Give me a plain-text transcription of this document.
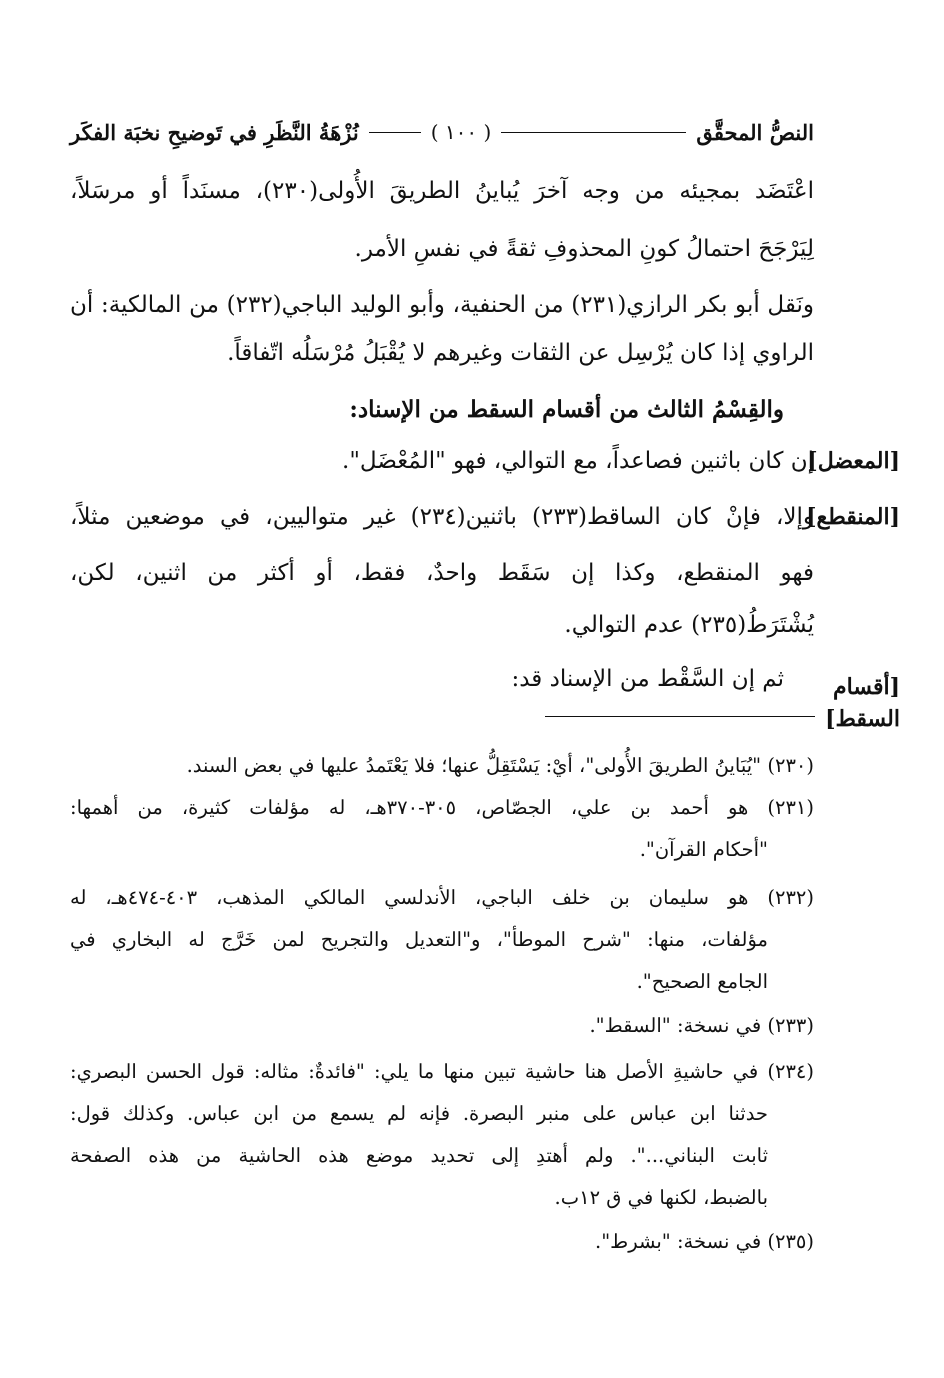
النصُّ المحقَّق
( ١٠٠ )
نُزْهَةُ النَّظَرِ في تَوضيحِ نخبَة الفكَر
اعْتَضَد بمجيئه من وجه آخرَ يُباينُ الطريقَ الأُولى(٢٣٠)، مسنَداً أو مرسَلاً،
لِيَرْجَحَ احتمالُ كونِ المحذوفِ ثقةً في نفسِ الأمر.
ونَقل أبو بكر الرازي(٢٣١) من الحنفية، وأبو الوليد الباجي(٢٣٢) من المالكية: أن
الراوي إذا كان يُرْسِل عن الثقات وغيرهم لا يُقْبَلُ مُرْسَلُه اتّفاقاً.
والقِسْمُ الثالث من أقسام السقط من الإسناد:
إن كان باثنين فصاعداً، مع التوالي، فهو "المُعْضَل".
وإلا، فإنْ كان الساقط(٢٣٣) باثنين(٢٣٤) غير متواليين، في موضعين مثلاً،
فهو المنقطع، وكذا إن سَقَط واحدٌ، فقط، أو أكثر من اثنين، لكن،
يُشْتَرَطُ(٢٣٥) عدم التوالي.
ثم إن السَّقْط من الإسناد قد:
[المعضل]
[المنقطع]
[أقسام
السقط]
(٢٣٠) "يُبَاينُ الطريقَ الأُولى"، أيْ: يَسْتَقِلُّ عنها؛ فلا يَعْتَمدُ عليها في بعض السند.
(٢٣١) هو أحمد بن علي، الجصّاص، ٣٠٥-٣٧٠هـ، له مؤلفات كثيرة، من أهمها:
"أحكام القرآن".
(٢٣٢) هو سليمان بن خلف الباجي، الأندلسي المالكي المذهب، ٤٠٣-٤٧٤هـ، له
مؤلفات، منها: "شرح الموطأ"، و"التعديل والتجريح لمن خَرَّج له البخاري في
الجامع الصحيح".
(٢٣٣) في نسخة: "السقط".
(٢٣٤) في حاشيةِ الأصل هنا حاشية تبين منها ما يلي: "فائدةٌ: مثاله: قول الحسن البصري:
حدثنا ابن عباس على منبر البصرة. فإنه لم يسمع من ابن عباس. وكذلك قول:
ثابت البناني...". ولم أهتدِ إلى تحديد موضع هذه الحاشية من هذه الصفحة
بالضبط، لكنها في ق ١٢ب.
(٢٣٥) في نسخة: "بشرط".
